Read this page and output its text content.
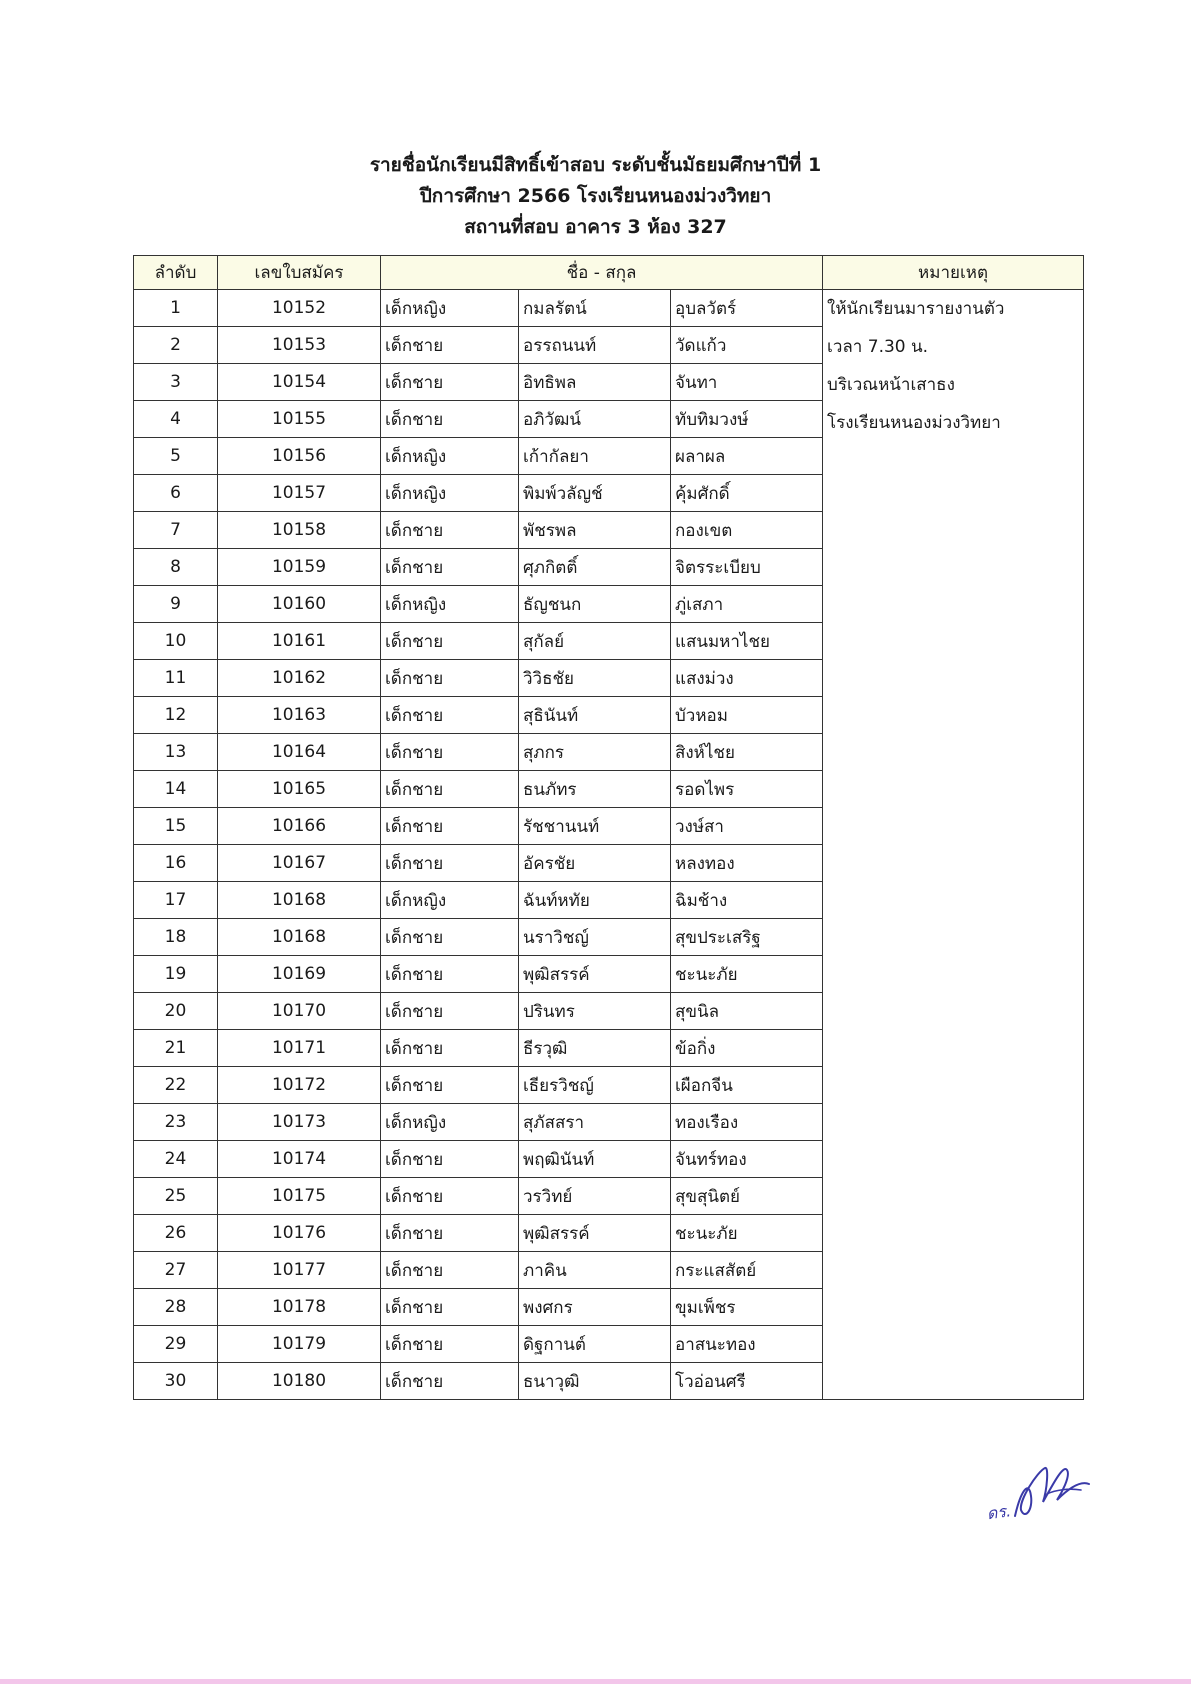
รายชื่อนักเรียนมีสิทธิ์เข้าสอบ ระดับชั้นมัธยมศึกษาปีที่ 1
ปีการศึกษา 2566 โรงเรียนหนองม่วงวิทยา
สถานที่สอบ อาคาร 3 ห้อง 327
ลำดับ	เลขใบสมัคร	ชื่อ - สกุล			หมายเหตุ
1	10152	เด็กหญิง	กมลรัตน์	อุบลวัตร์	ให้นักเรียนมารายงานตัว
เวลา 7.30 น.
บริเวณหน้าเสาธง
โรงเรียนหนองม่วงวิทยา

2	10153	เด็กชาย	อรรถนนท์	วัดแก้ว	
3	10154	เด็กชาย	อิทธิพล	จันทา	
4	10155	เด็กชาย	อภิวัฒน์	ทับทิมวงษ์	
5	10156	เด็กหญิง	เก้ากัลยา	ผลาผล	
6	10157	เด็กหญิง	พิมพ์วลัญช์	คุ้มศักดิ์	
7	10158	เด็กชาย	พัชรพล	กองเขต	
8	10159	เด็กชาย	ศุภกิตติ์	จิตรระเบียบ	
9	10160	เด็กหญิง	ธัญชนก	ภู่เสภา	
10	10161	เด็กชาย	สุกัลย์	แสนมหาไชย	
11	10162	เด็กชาย	วิวิธชัย	แสงม่วง	
12	10163	เด็กชาย	สุธินันท์	บัวหอม	
13	10164	เด็กชาย	สุภกร	สิงห์ไชย	
14	10165	เด็กชาย	ธนภัทร	รอดไพร	
15	10166	เด็กชาย	รัชชานนท์	วงษ์สา	
16	10167	เด็กชาย	อัครชัย	หลงทอง	
17	10168	เด็กหญิง	ฉันท์หทัย	ฉิมช้าง	
18	10168	เด็กชาย	นราวิชญ์	สุขประเสริฐ	
19	10169	เด็กชาย	พุฒิสรรค์	ชะนะภัย	
20	10170	เด็กชาย	ปรินทร	สุขนิล	
21	10171	เด็กชาย	ธีรวุฒิ	ข้อกิ่ง	
22	10172	เด็กชาย	เธียรวิชญ์	เผือกจีน	
23	10173	เด็กหญิง	สุภัสสรา	ทองเรือง	
24	10174	เด็กชาย	พฤฒินันท์	จันทร์ทอง	
25	10175	เด็กชาย	วรวิทย์	สุขสุนิตย์	
26	10176	เด็กชาย	พุฒิสรรค์	ชะนะภัย	
27	10177	เด็กชาย	ภาคิน	กระแสสัตย์	
28	10178	เด็กชาย	พงศกร	ขุมเพ็ชร	
29	10179	เด็กชาย	ดิฐกานต์	อาสนะทอง	
30	10180	เด็กชาย	ธนาวุฒิ	โวอ่อนศรี	
ดร.
